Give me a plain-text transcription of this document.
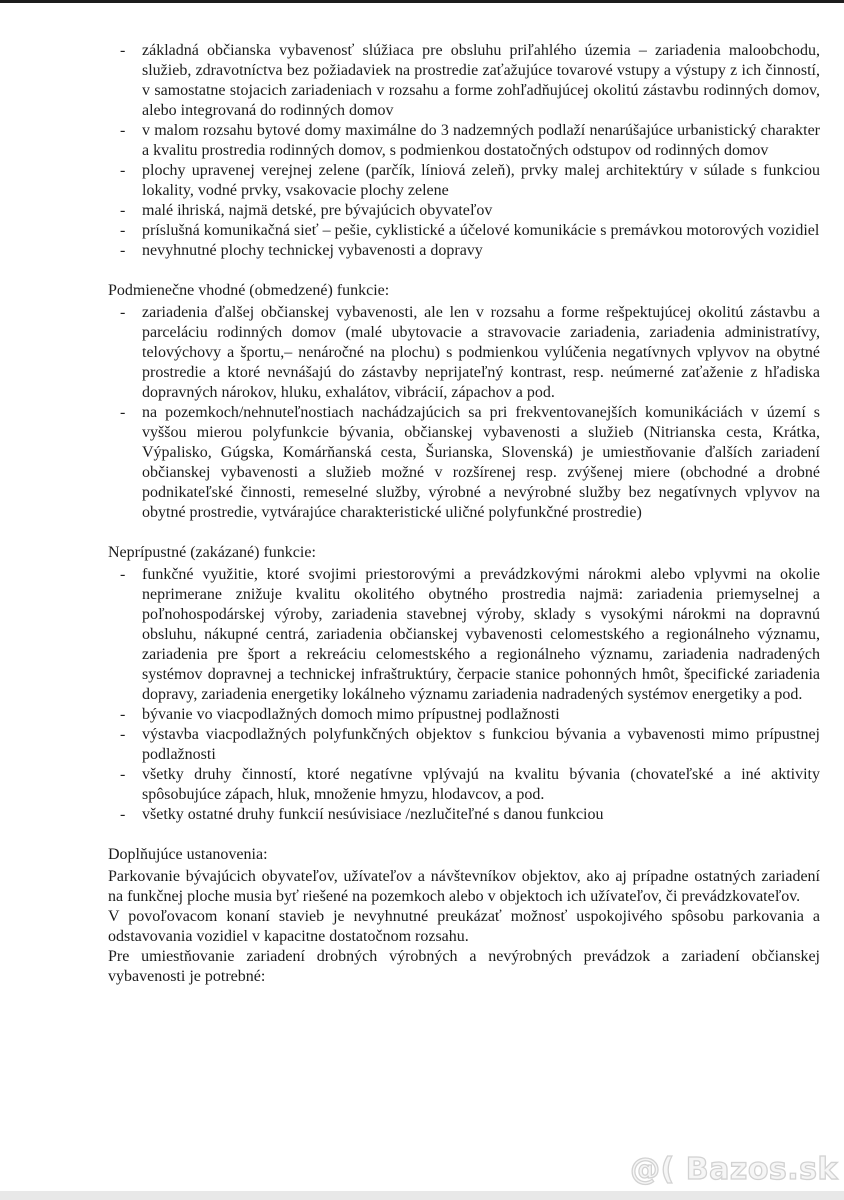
- základná občianska vybavenosť slúžiaca pre obsluhu priľahlého územia – zariadenia maloobchodu, služieb, zdravotníctva bez požiadaviek na prostredie zaťažujúce tovarové vstupy a výstupy z ich činností, v samostatne stojacich zariadeniach v rozsahu a forme zohľadňujúcej okolitú zástavbu rodinných domov, alebo integrovaná do rodinných domov
- v malom rozsahu bytové domy maximálne do 3 nadzemných podlaží nenarúšajúce urbanistický charakter a kvalitu prostredia rodinných domov, s podmienkou dostatočných odstupov od rodinných domov
- plochy upravenej verejnej zelene (parčík, líniová zeleň), prvky malej architektúry v súlade s funkciou lokality, vodné prvky, vsakovacie plochy zelene
- malé ihriská, najmä detské, pre bývajúcich obyvateľov
- príslušná komunikačná sieť – pešie, cyklistické a účelové komunikácie s premávkou motorových vozidiel
- nevyhnutné plochy technickej vybavenosti a dopravy
Podmienečne vhodné (obmedzené) funkcie:
- zariadenia ďalšej občianskej vybavenosti, ale len v rozsahu a forme rešpektujúcej okolitú zástavbu a parceláciu rodinných domov (malé ubytovacie a stravovacie zariadenia, zariadenia administratívy, telovýchovy a športu,– nenáročné na plochu) s podmienkou vylúčenia negatívnych vplyvov na obytné prostredie a ktoré nevnášajú do zástavby neprijateľný kontrast, resp. neúmerné zaťaženie z hľadiska dopravných nárokov, hluku, exhalátov, vibrácií, zápachov a pod.
- na pozemkoch/nehnuteľnostiach nachádzajúcich sa pri frekventovanejších komunikáciách v území s vyššou mierou polyfunkcie bývania, občianskej vybavenosti a služieb (Nitrianska cesta, Krátka, Výpalisko, Gúgska, Komárňanská cesta, Šurianska, Slovenská) je umiestňovanie ďalších zariadení občianskej vybavenosti a služieb možné v rozšírenej resp. zvýšenej miere (obchodné a drobné podnikateľské činnosti, remeselné služby, výrobné a nevýrobné služby bez negatívnych vplyvov na obytné prostredie, vytvárajúce charakteristické uličné polyfunkčné prostredie)
Neprípustné (zakázané) funkcie:
- funkčné využitie, ktoré svojimi priestorovými a prevádzkovými nárokmi alebo vplyvmi na okolie neprimerane znižuje kvalitu okolitého obytného prostredia najmä: zariadenia priemyselnej a poľnohospodárskej výroby, zariadenia stavebnej výroby, sklady s vysokými nárokmi na dopravnú obsluhu, nákupné centrá, zariadenia občianskej vybavenosti celomestského a regionálneho významu, zariadenia pre šport a rekreáciu celomestského a regionálneho významu, zariadenia nadradených systémov dopravnej a technickej infraštruktúry, čerpacie stanice pohonných hmôt, špecifické zariadenia dopravy, zariadenia energetiky lokálneho významu zariadenia nadradených systémov energetiky a pod.
- bývanie vo viacpodlažných domoch mimo prípustnej podlažnosti
- výstavba viacpodlažných polyfunkčných objektov s funkciou bývania a vybavenosti mimo prípustnej podlažnosti
- všetky druhy činností, ktoré negatívne vplývajú na kvalitu bývania (chovateľské a iné aktivity spôsobujúce zápach, hluk, množenie hmyzu, hlodavcov, a pod.
- všetky ostatné druhy funkcií nesúvisiace /nezlučiteľné s danou funkciou
Doplňujúce ustanovenia:

Parkovanie bývajúcich obyvateľov, užívateľov a návštevníkov objektov, ako aj prípadne ostatných zariadení na funkčnej ploche musia byť riešené na pozemkoch alebo v objektoch ich užívateľov, či prevádzkovateľov.

V povoľovacom konaní stavieb je nevyhnutné preukázať možnosť uspokojivého spôsobu parkovania a odstavovania vozidiel v kapacitne dostatočnom rozsahu.

Pre umiestňovanie zariadení drobných výrobných a nevýrobných prevádzok a zariadení občianskej vybavenosti je potrebné:

@( Bazos.sk
